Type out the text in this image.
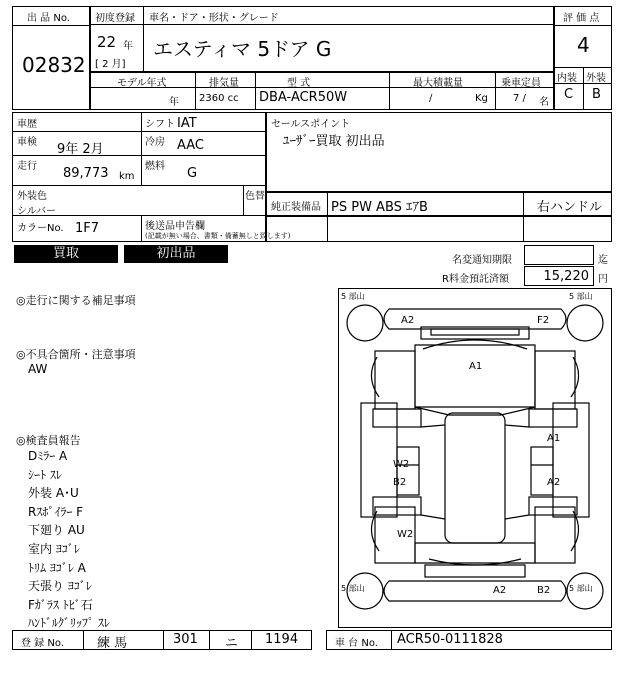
出 品 No.
02832
初度登録 車名・ドア・形状・グレード
22 年
[ 2 月]
エスティマ 5ドア G
評 価 点
4
内装 外装
C B
モデル年式
年
排気量
2360 cc
型 式
DBA-ACR50W
最大積載量
/	Kg
乗車定員
7 / 名
車歴	シフト IAT
車検 9年 2月	冷房 AAC
走行 89,773 km
燃料 G
外装色
シルバー
色替
カラーNo. 1F7	後送品申告欄
(記載が無い場合、書類・備蓄無しと致します)
セールスポイント
ﾕｰｻﾞｰ買取 初出品
純正装備品 PS PW ABS ｴｱB	右ハンドル
買取	初出品	名変通知期限	迄
R料金預託済額	15,220 円
◎走行に関する補足事項
◎不具合箇所・注意事項
AW
◎検査員報告
Dﾐﾗｰ A
ｼｰﾄ ｽﾚ
外装 A･U
Rｽﾎﾟｲﾗｰ F
下廻り AU
室内 ﾖｺﾞﾚ
ﾄﾘﾑ ﾖｺﾞﾚ A
天張り ﾖｺﾞﾚ
Fｶﾞﾗｽ ﾄﾋﾞ石
ﾊﾝﾄﾞﾙｸﾞﾘｯﾌﾟ ｽﾚ
5 部山	5 部山
5 部山	5 部山
A2	F2
A1
A1
W2
B2	A2
W2
A2	B2
登 録 No.	練 馬	301 ニ 1194	車 台 No. ACR50-0111828
